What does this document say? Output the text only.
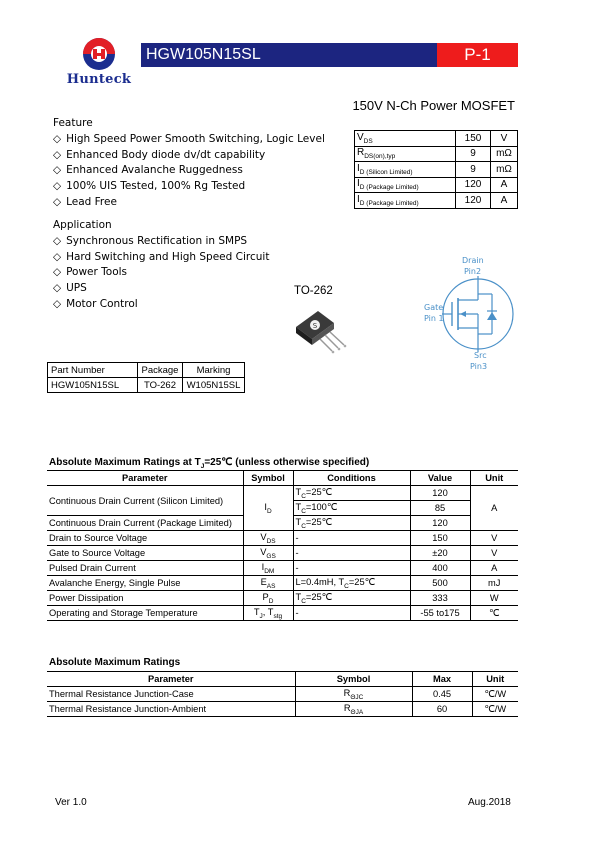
Hunteck
HGW105N15SL	P-1
150V N-Ch Power MOSFET
Feature
◇ High Speed Power Smooth Switching, Logic Level
◇ Enhanced Body diode dv/dt capability
◇ Enhanced Avalanche Ruggedness
◇ 100% UIS Tested, 100% Rg Tested
◇ Lead Free
Application
◇ Synchronous Rectification in SMPS
◇ Hard Switching and High Speed Circuit
◇ Power Tools
◇ UPS
◇ Motor Control
$V_{DS}$	150	V
$R_{DS(on),typ}$	9	mΩ
$I_{D (Silicon Limited)}$	9	mΩ
$I_{D (Package Limited)}$	120	A
$I_{D (Package Limited)}$	120	A
TO-262
S
Drain
Pin2
Gate
Pin 1
Src
Pin3
Part Number	Package	Marking
HGW105N15SL	TO-262	W105N15SL
Absolute Maximum Ratings at $T_J=25℃$ (unless otherwise specified)
Parameter	Symbol	Conditions	Value	Unit
Continuous Drain Current (Silicon Limited)	$I_D$	$T_C=25℃$	120	A
		$T_C=100℃$	85	
Continuous Drain Current (Package Limited)		$T_C=25℃$	120	
Drain to Source Voltage	$V_{DS}$	-	150	V
Gate to Source Voltage	$V_{GS}$	-	±20	V
Pulsed Drain Current	$I_{DM}$	-	400	A
Avalanche Energy, Single Pulse	$E_{AS}$	L=0.4mH, $T_C=25℃$	500	mJ
Power Dissipation	$P_D$	$T_C=25℃$	333	W
Operating and Storage Temperature	$T_J$, $T_{stg}$	-	-55 to175	℃
Absolute Maximum Ratings
Parameter	Symbol	Max	Unit
Thermal Resistance Junction-Case	$R_{\Theta JC}$	0.45	℃/W
Thermal Resistance Junction-Ambient	$R_{\Theta JA}$	60	℃/W
Ver 1.0	Aug.2018
